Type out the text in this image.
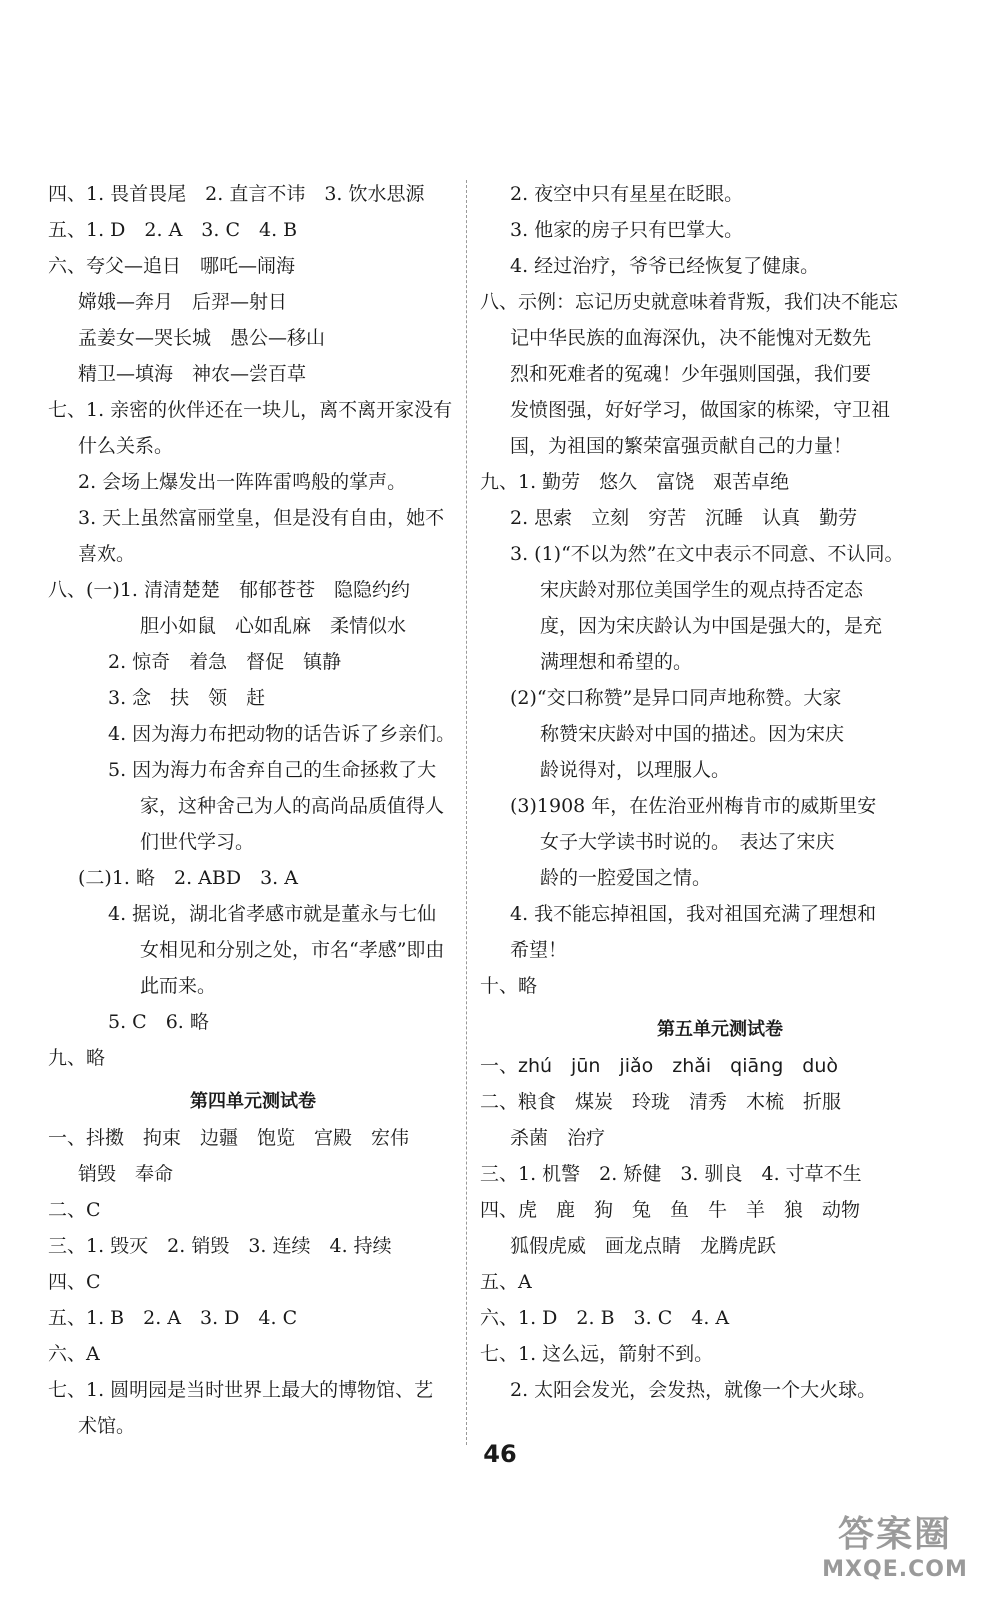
四、1. 畏首畏尾　2. 直言不讳　3. 饮水思源
五、1. D　2. A　3. C　4. B
六、夸父—追日　哪吒—闹海
嫦娥—奔月　后羿—射日
孟姜女—哭长城　愚公—移山
精卫—填海　神农—尝百草
七、1. 亲密的伙伴还在一块儿，离不离开家没有
什么关系。
2. 会场上爆发出一阵阵雷鸣般的掌声。
3. 天上虽然富丽堂皇，但是没有自由，她不
喜欢。
八、(一)1. 清清楚楚　郁郁苍苍　隐隐约约
胆小如鼠　心如乱麻　柔情似水
2. 惊奇　着急　督促　镇静
3. 念　扶　领　赶
4. 因为海力布把动物的话告诉了乡亲们。
5. 因为海力布舍弃自己的生命拯救了大
家，这种舍己为人的高尚品质值得人
们世代学习。
(二)1. 略　2. ABD　3. A
4. 据说，湖北省孝感市就是董永与七仙
女相见和分别之处，市名“孝感”即由
此而来。
5. C　6. 略
九、略
第四单元测试卷
一、抖擞　拘束　边疆　饱览　宫殿　宏伟
销毁　奉命
二、C
三、1. 毁灭　2. 销毁　3. 连续　4. 持续
四、C
五、1. B　2. A　3. D　4. C
六、A
七、1. 圆明园是当时世界上最大的博物馆、艺
术馆。
2. 夜空中只有星星在眨眼。
3. 他家的房子只有巴掌大。
4. 经过治疗，爷爷已经恢复了健康。
八、示例：忘记历史就意味着背叛，我们决不能忘
记中华民族的血海深仇，决不能愧对无数先
烈和死难者的冤魂！少年强则国强，我们要
发愤图强，好好学习，做国家的栋梁，守卫祖
国，为祖国的繁荣富强贡献自己的力量！
九、1. 勤劳　悠久　富饶　艰苦卓绝
2. 思索　立刻　穷苦　沉睡　认真　勤劳
3. (1)“不以为然”在文中表示不同意、不认同。
宋庆龄对那位美国学生的观点持否定态
度，因为宋庆龄认为中国是强大的，是充
满理想和希望的。
(2)“交口称赞”是异口同声地称赞。大家
称赞宋庆龄对中国的描述。因为宋庆
龄说得对，以理服人。
(3)1908 年，在佐治亚州梅肯市的威斯里安
女子大学读书时说的。　表达了宋庆
龄的一腔爱国之情。
4. 我不能忘掉祖国，我对祖国充满了理想和
希望！
十、略
第五单元测试卷
一、zhú　jūn　jiǎo　zhǎi　qiāng　duò
二、粮食　煤炭　玲珑　清秀　木梳　折服
杀菌　治疗
三、1. 机警　2. 矫健　3. 驯良　4. 寸草不生
四、虎　鹿　狗　兔　鱼　牛　羊　狼　动物
狐假虎威　画龙点睛　龙腾虎跃
五、A
六、1. D　2. B　3. C　4. A
七、1. 这么远，箭射不到。
2. 太阳会发光，会发热，就像一个大火球。
46
答案圈
MXQE.COM
